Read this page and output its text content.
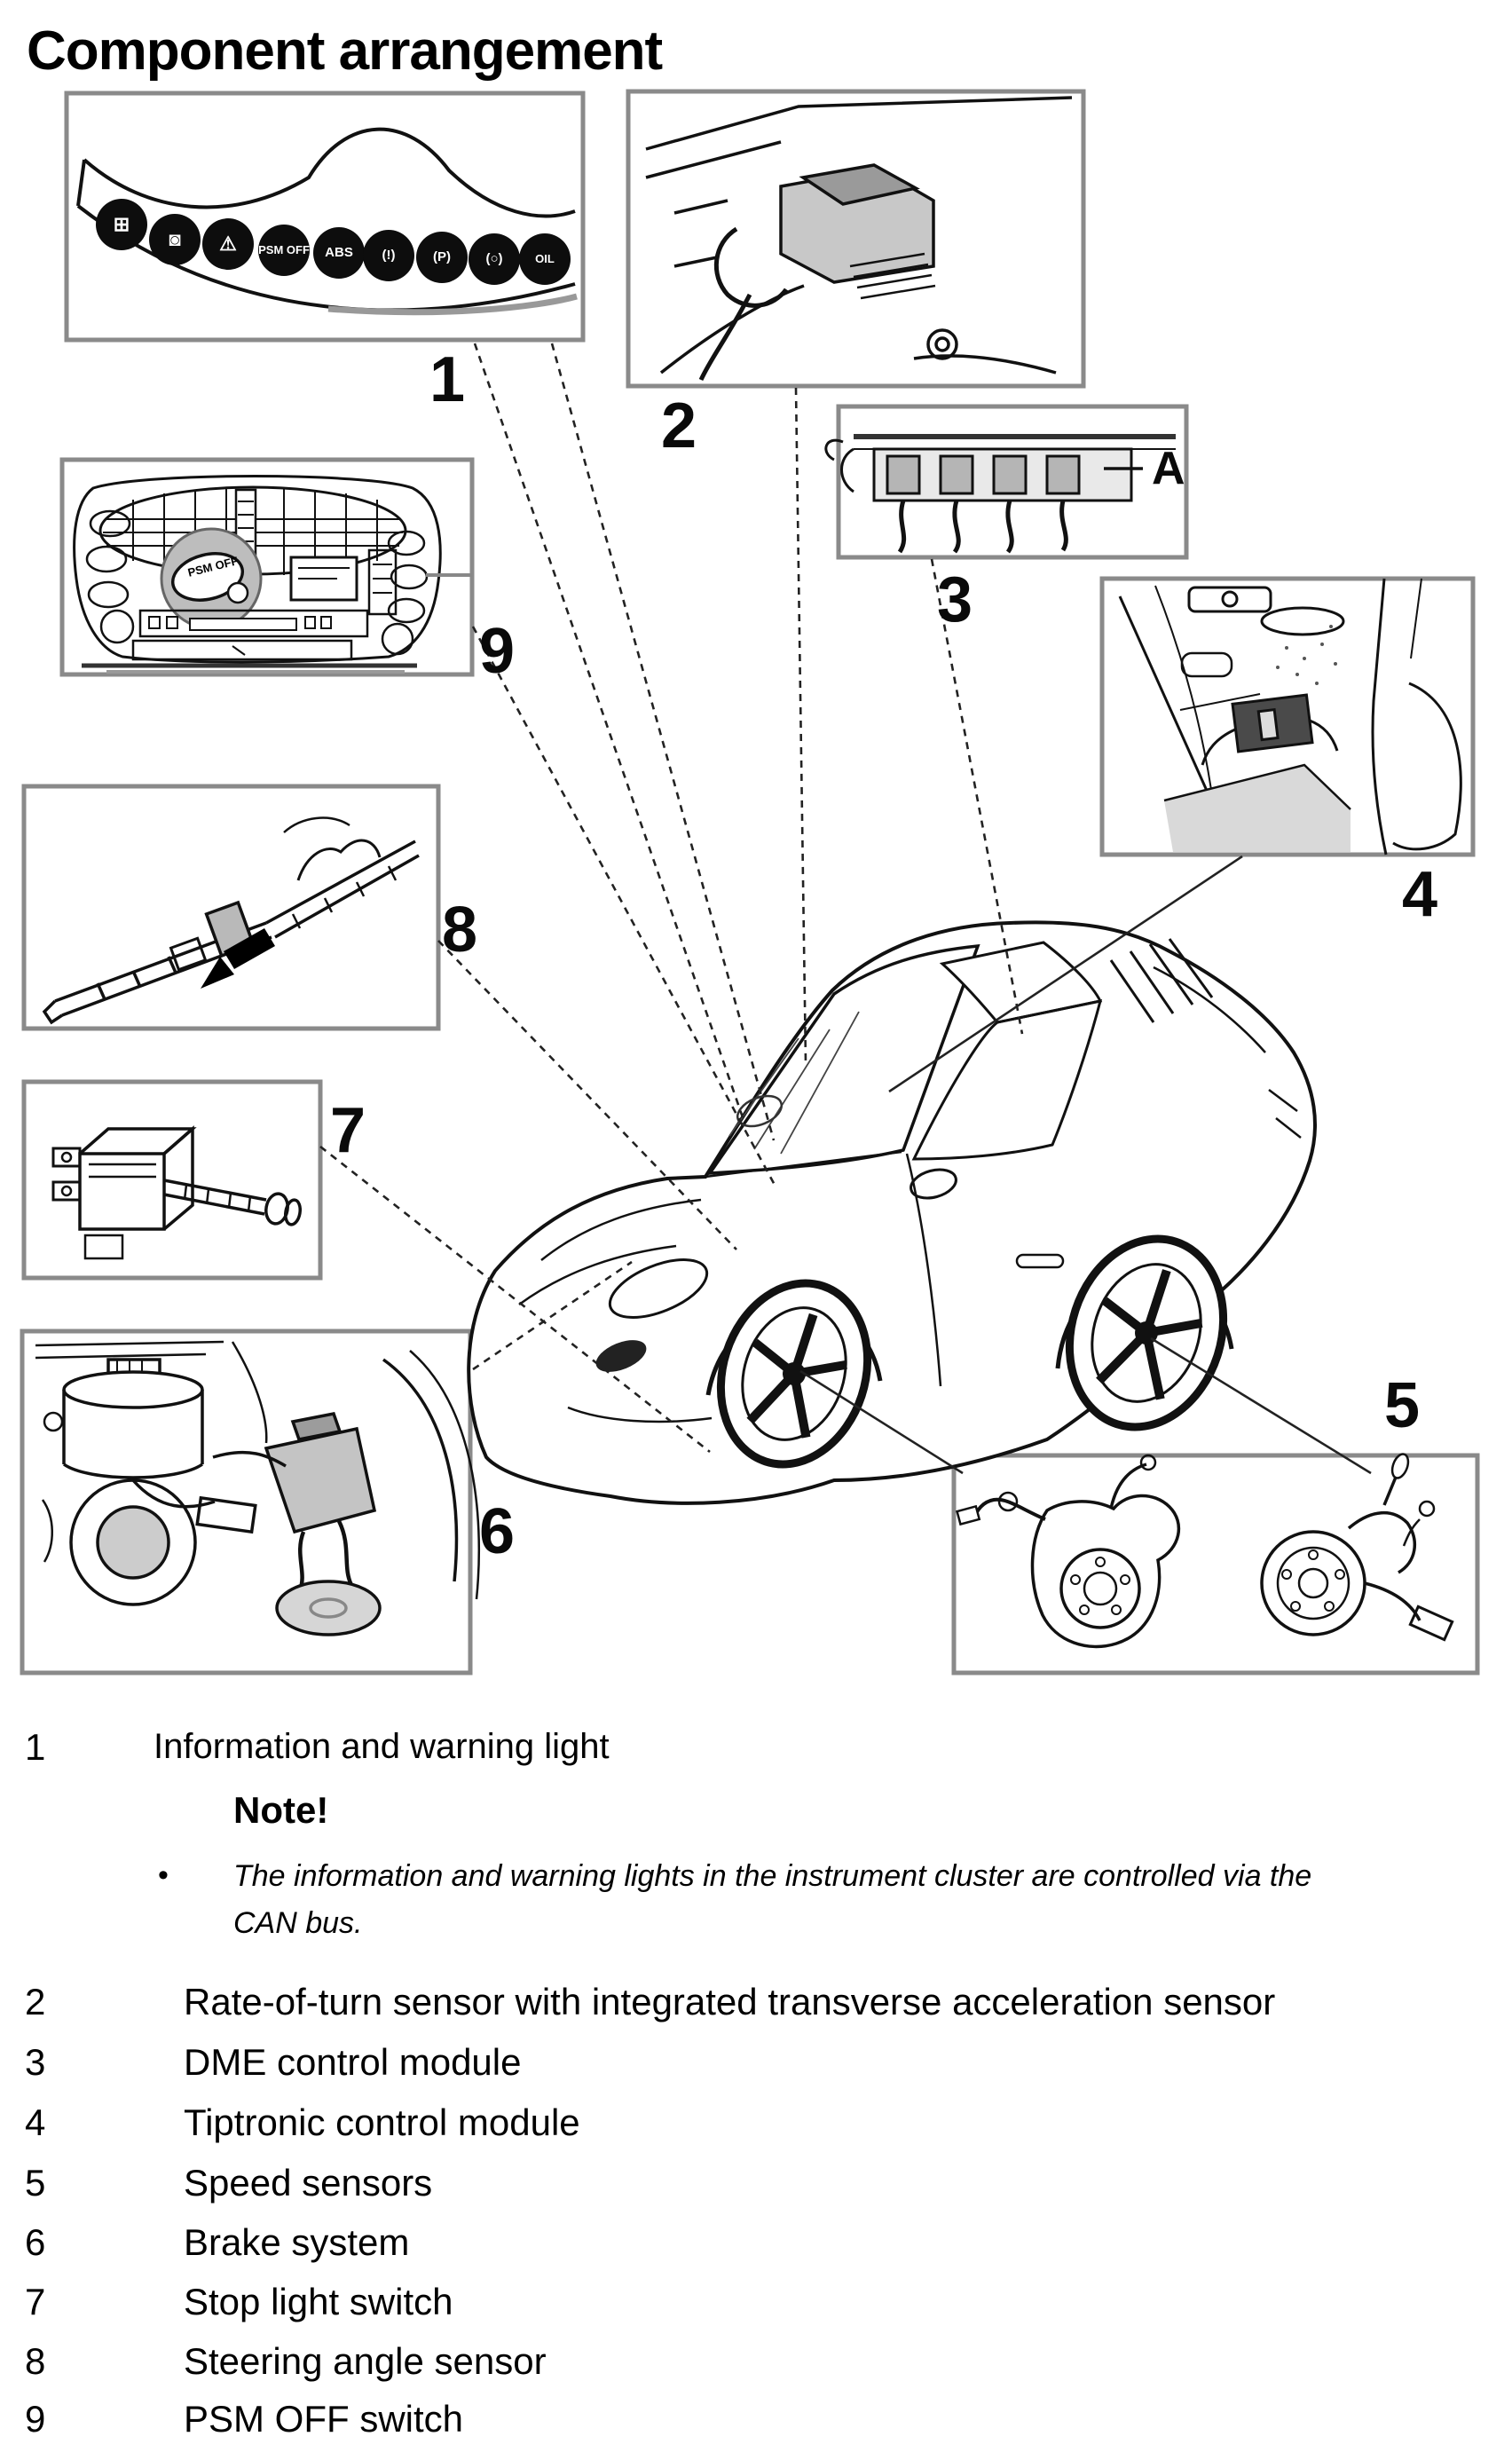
Component arrangement
⊞
◙	⚠	PSM OFF	ABS	(!)	(P)	(○)	OIL
PSM OFF
1
2
3
4
5
6
7
8
9
A
1	Information and warning light
Note!
• The information and warning lights in the instrument cluster are controlled via the
CAN bus.
2	Rate-of-turn sensor with integrated transverse acceleration sensor
3	DME control module
4	Tiptronic control module
5	Speed sensors
6	Brake system
7	Stop light switch
8	Steering angle sensor
9	PSM OFF switch
